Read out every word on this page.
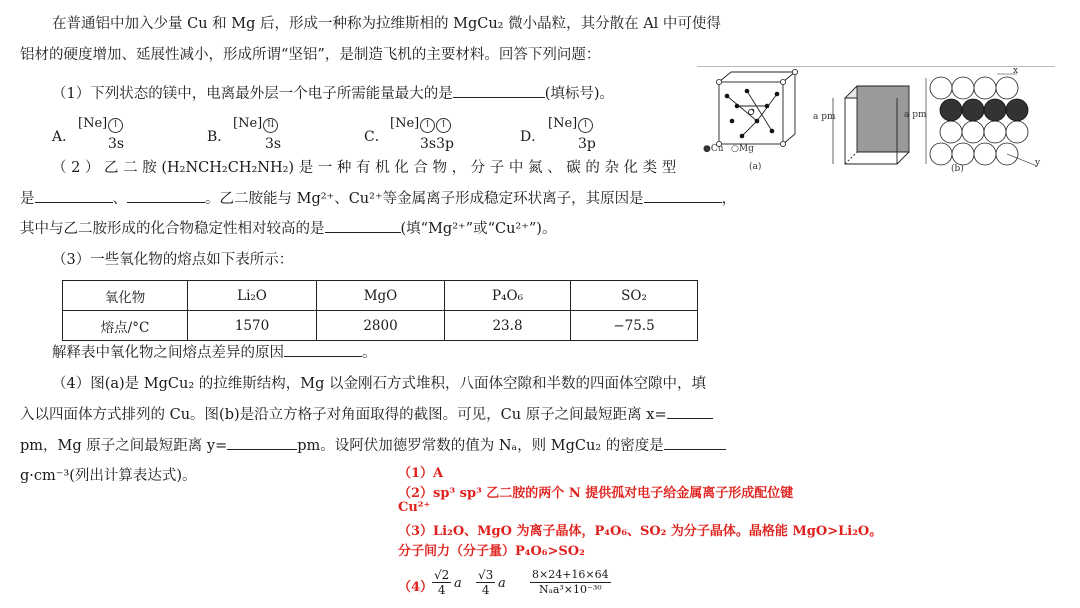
在普通铝中加入少量 Cu 和 Mg 后，形成一种称为拉维斯相的 MgCu₂ 微小晶粒，其分散在 Al 中可使得
铝材的硬度增加、延展性减小，形成所谓“坚铝”，是制造飞机的主要材料。回答下列问题：
（1）下列状态的镁中，电离最外层一个电子所需能量最大的是	(填标号)。
A．
[Ne] ↿
3s	B．
[Ne] ⇅
3s	C．
[Ne] ↿ ↿
3s3p	D．
[Ne] ↿
3p
（ 2 ） 乙 二 胺 (H₂NCH₂CH₂NH₂) 是 一 种 有 机 化 合 物 ， 分 子 中 氮 、 碳 的 杂 化 类 型
是	、	。乙二胺能与 Mg²⁺、Cu²⁺等金属离子形成稳定环状离子，其原因是	，
其中与乙二胺形成的化合物稳定性相对较高的是	(填“Mg²⁺”或“Cu²⁺”)。
（3）一些氧化物的熔点如下表所示：
氧化物	Li₂O	MgO	P₄O₆	SO₂
熔点/°C	1570	2800	23.8	−75.5
解释表中氧化物之间熔点差异的原因	。
（4）图(a)是 MgCu₂ 的拉维斯结构，Mg 以金刚石方式堆积，八面体空隙和半数的四面体空隙中，填
入以四面体方式排列的 Cu。图(b)是沿立方格子对角面取得的截图。可见，Cu 原子之间最短距离 x=
pm，Mg 原子之间最短距离 y=	pm。设阿伏加德罗常数的值为 Nₐ，则 MgCu₂ 的密度是
g·cm⁻³(列出计算表达式)。
●Cu ○Mg
(a)
a pm	a pm
x
y
(b)
（1）A
（2）sp³ sp³ 乙二胺的两个 N 提供孤对电子给金属离子形成配位键
Cu²⁺
（3）Li₂O、MgO 为离子晶体，P₄O₆、SO₂ 为分子晶体。晶格能 MgO>Li₂O。
分子间力（分子量）P₄O₆>SO₂
（4）
$\frac{√2}{4}$ a $\frac{√3}{4}$ a
8×24+16×64
Nₐa³×10⁻³⁰
